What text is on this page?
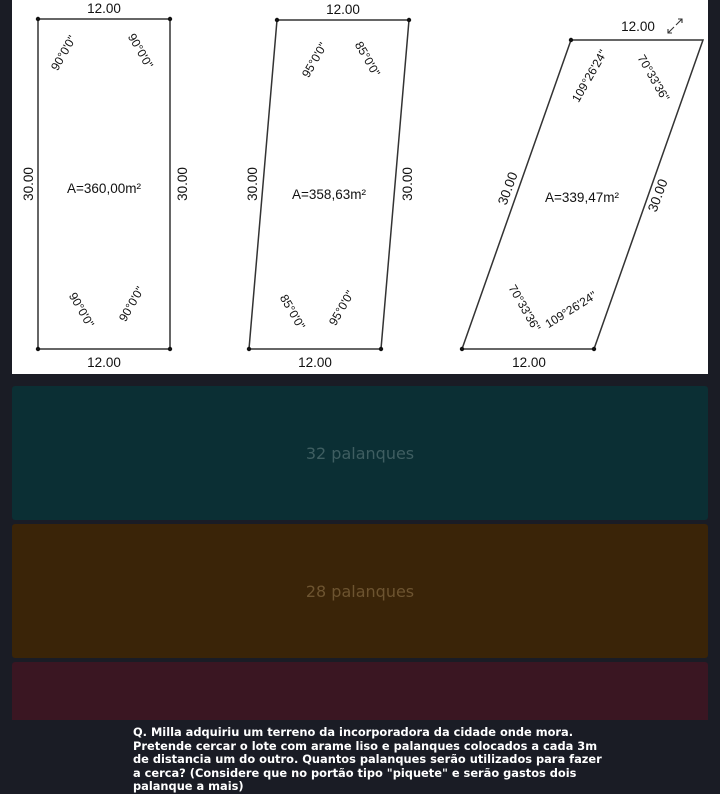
12.00
12.00
30.00	30.00
A=360,00m²
90°0'0"	90°0'0"
90°0'0" 90°0'0"
12.00
12.00
30.00	30.00
A=358,63m²
95°0'0" 85°0'0"
85°0'0" 95°0'0"
12.00
12.00
30.00	30.00
A=339,47m²
109°26'24" 70°33'36"
70°33'36" 109°26'24"
32 palanques
28 palanques

Q. Milla adquiriu um terreno da incorporadora da cidade onde mora. Pretende cercar o lote com arame liso e palanques colocados a cada 3m de distancia um do outro. Quantos palanques serão utilizados para fazer a cerca? (Considere que no portão tipo "piquete" e serão gastos dois palanque a mais)
